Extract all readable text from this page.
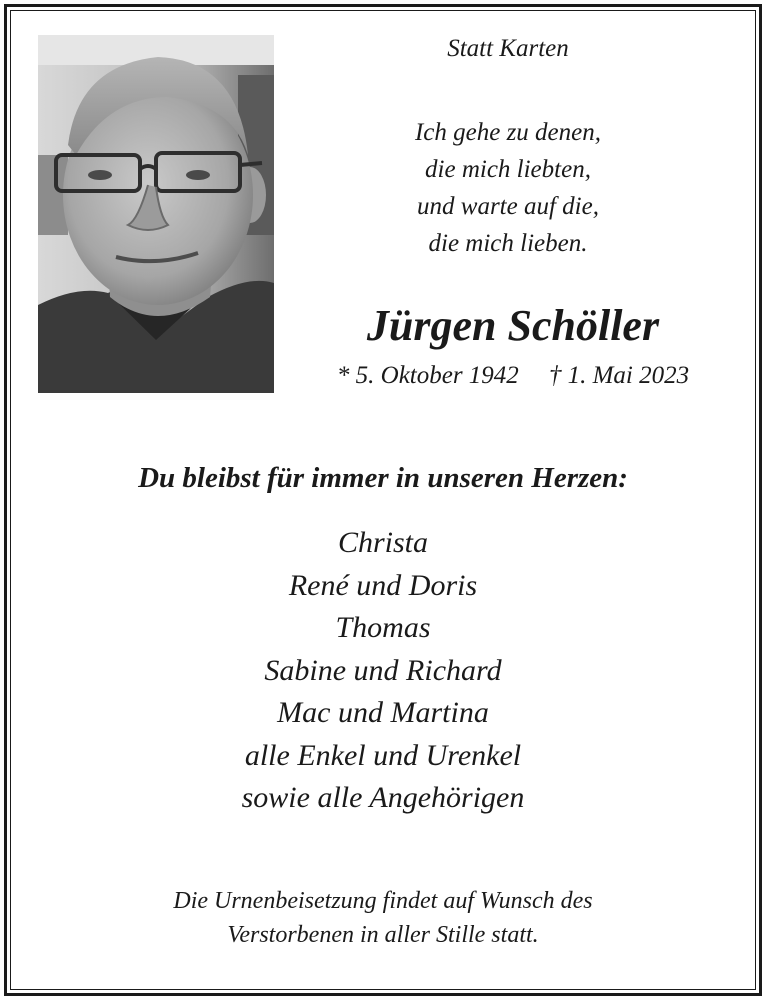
Statt Karten
Ich gehe zu denen,
die mich liebten,
und warte auf die,
die mich lieben.
Jürgen Schöller
* 5. Oktober 1942 † 1. Mai 2023
Du bleibst für immer in unseren Herzen:
Christa
René und Doris
Thomas
Sabine und Richard
Mac und Martina
alle Enkel und Urenkel
sowie alle Angehörigen
Die Urnenbeisetzung findet auf Wunsch des
Verstorbenen in aller Stille statt.
